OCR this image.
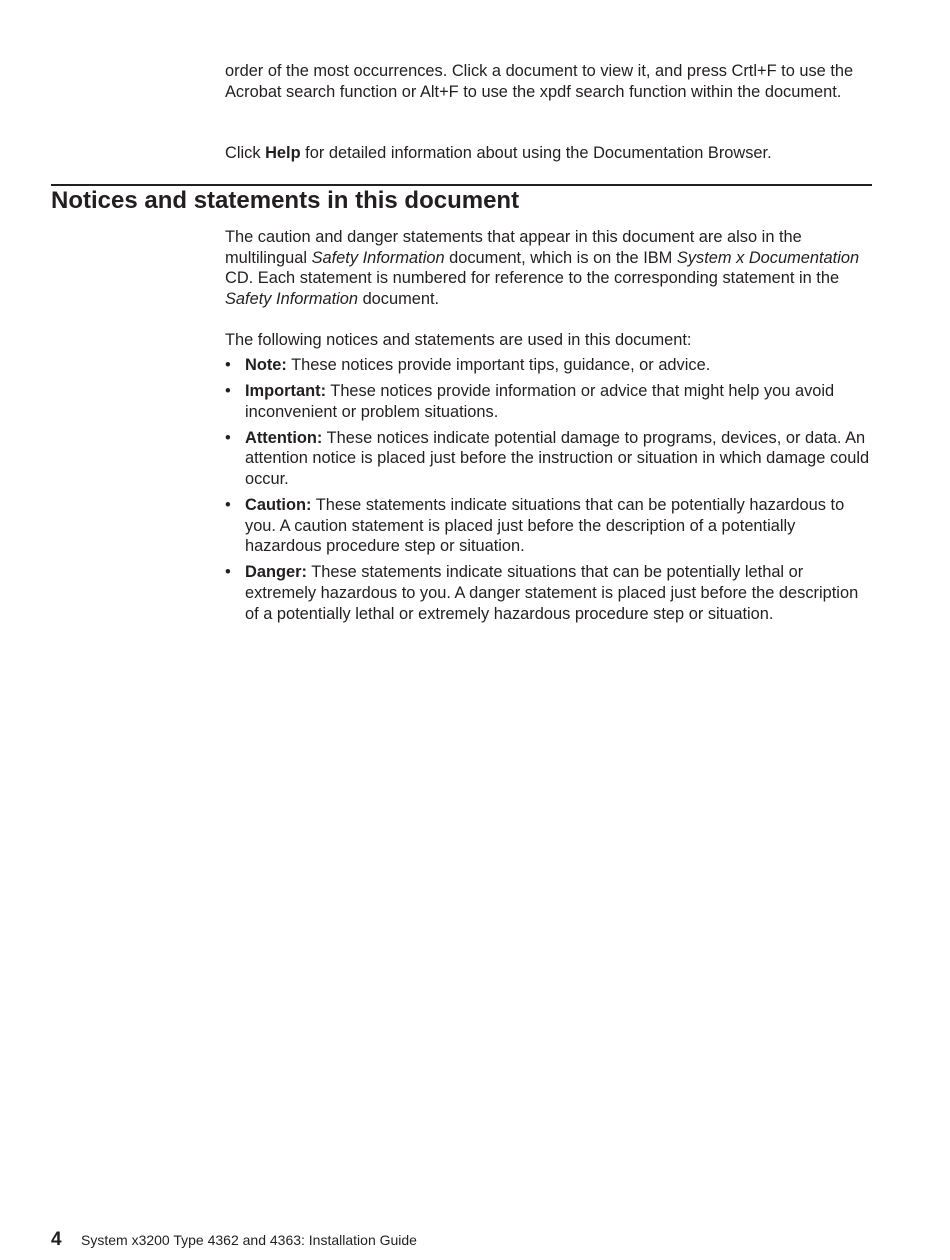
order of the most occurrences. Click a document to view it, and press Crtl+F to use the Acrobat search function or Alt+F to use the xpdf search function within the document.

Click Help for detailed information about using the Documentation Browser.

Notices and statements in this document

The caution and danger statements that appear in this document are also in the multilingual Safety Information document, which is on the IBM System x Documentation CD. Each statement is numbered for reference to the corresponding statement in the Safety Information document.

The following notices and statements are used in this document:

• Note: These notices provide important tips, guidance, or advice.
• Important: These notices provide information or advice that might help you avoid inconvenient or problem situations.
• Attention: These notices indicate potential damage to programs, devices, or data. An attention notice is placed just before the instruction or situation in which damage could occur.
• Caution: These statements indicate situations that can be potentially hazardous to you. A caution statement is placed just before the description of a potentially hazardous procedure step or situation.
• Danger: These statements indicate situations that can be potentially lethal or extremely hazardous to you. A danger statement is placed just before the description of a potentially lethal or extremely hazardous procedure step or situation.
4 System x3200 Type 4362 and 4363: Installation Guide
